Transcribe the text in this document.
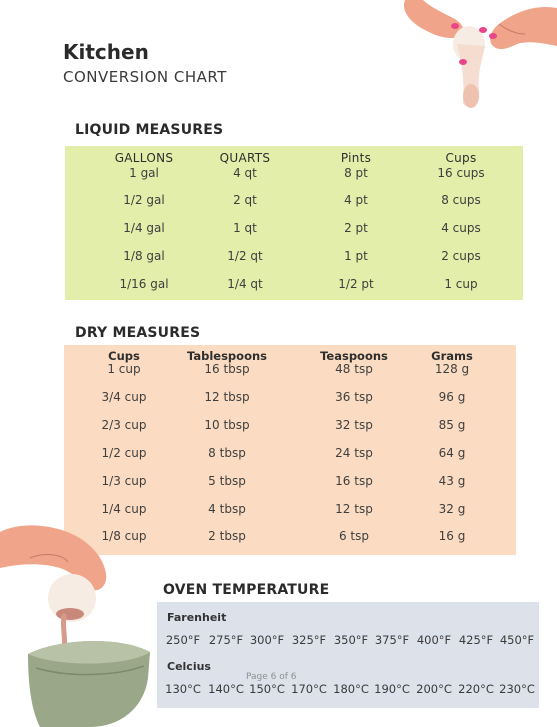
Kitchen
CONVERSION CHART
LIQUID MEASURES
GALLONS	QUARTS	Pints	Cups
1 gal	4 qt	8 pt	16 cups
1/2 gal	2 qt	4 pt	8 cups
1/4 gal	1 qt	2 pt	4 cups
1/8 gal	1/2 qt	1 pt	2 cups
1/16 gal	1/4 qt	1/2 pt	1 cup
DRY MEASURES
Cups	Tablespoons	Teaspoons	Grams
1 cup	16 tbsp	48 tsp	128 g
3/4 cup	12 tbsp	36 tsp	96 g
2/3 cup	10 tbsp	32 tsp	85 g
1/2 cup	8 tbsp	24 tsp	64 g
1/3 cup	5 tbsp	16 tsp	43 g
1/4 cup	4 tbsp	12 tsp	32 g
1/8 cup	2 tbsp	6 tsp	16 g
OVEN TEMPERATURE
Farenheit
250°F 275°F 300°F 325°F 350°F 375°F 400°F 425°F 450°F
Celcius
130°C 140°C 150°C 170°C 180°C 190°C 200°C 220°C 230°C
Page 6 of 6
